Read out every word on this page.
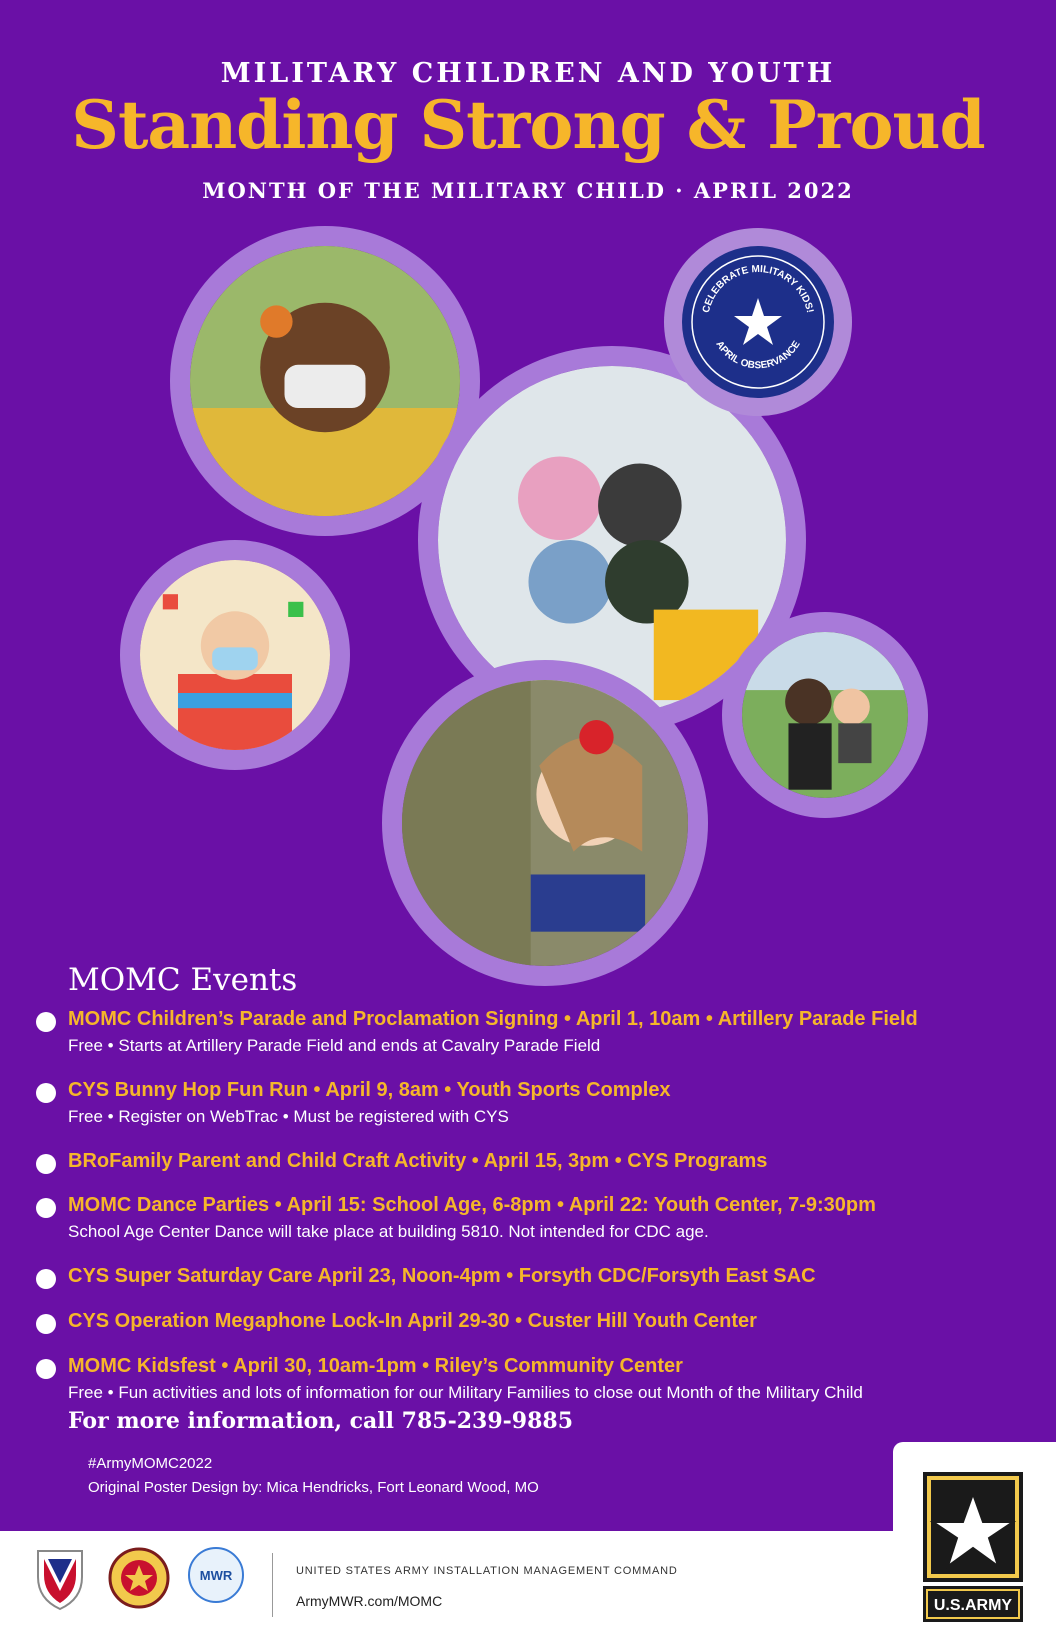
MILITARY CHILDREN AND YOUTH
Standing Strong & Proud
MONTH OF THE MILITARY CHILD · APRIL 2022
CELEBRATE MILITARY KIDS!
APRIL OBSERVANCE
MOMC Events
MOMC Children’s Parade and Proclamation Signing • April 1, 10am • Artillery Parade Field
Free • Starts at Artillery Parade Field and ends at Cavalry Parade Field
CYS Bunny Hop Fun Run • April 9, 8am • Youth Sports Complex
Free • Register on WebTrac • Must be registered with CYS
BRoFamily Parent and Child Craft Activity • April 15, 3pm • CYS Programs
MOMC Dance Parties • April 15: School Age, 6-8pm • April 22: Youth Center, 7-9:30pm
School Age Center Dance will take place at building 5810. Not intended for CDC age.
CYS Super Saturday Care April 23, Noon-4pm • Forsyth CDC/Forsyth East SAC
CYS Operation Megaphone Lock-In April 29-30 • Custer Hill Youth Center
MOMC Kidsfest • April 30, 10am-1pm • Riley’s Community Center
Free • Fun activities and lots of information for our Military Families to close out Month of the Military Child
For more information, call 785-239-9885
#ArmyMOMC2022
Original Poster Design by: Mica Hendricks, Fort Leonard Wood, MO
MWR	UNITED STATES ARMY INSTALLATION MANAGEMENT COMMAND
ArmyMWR.com/MOMC	U.S.ARMY
